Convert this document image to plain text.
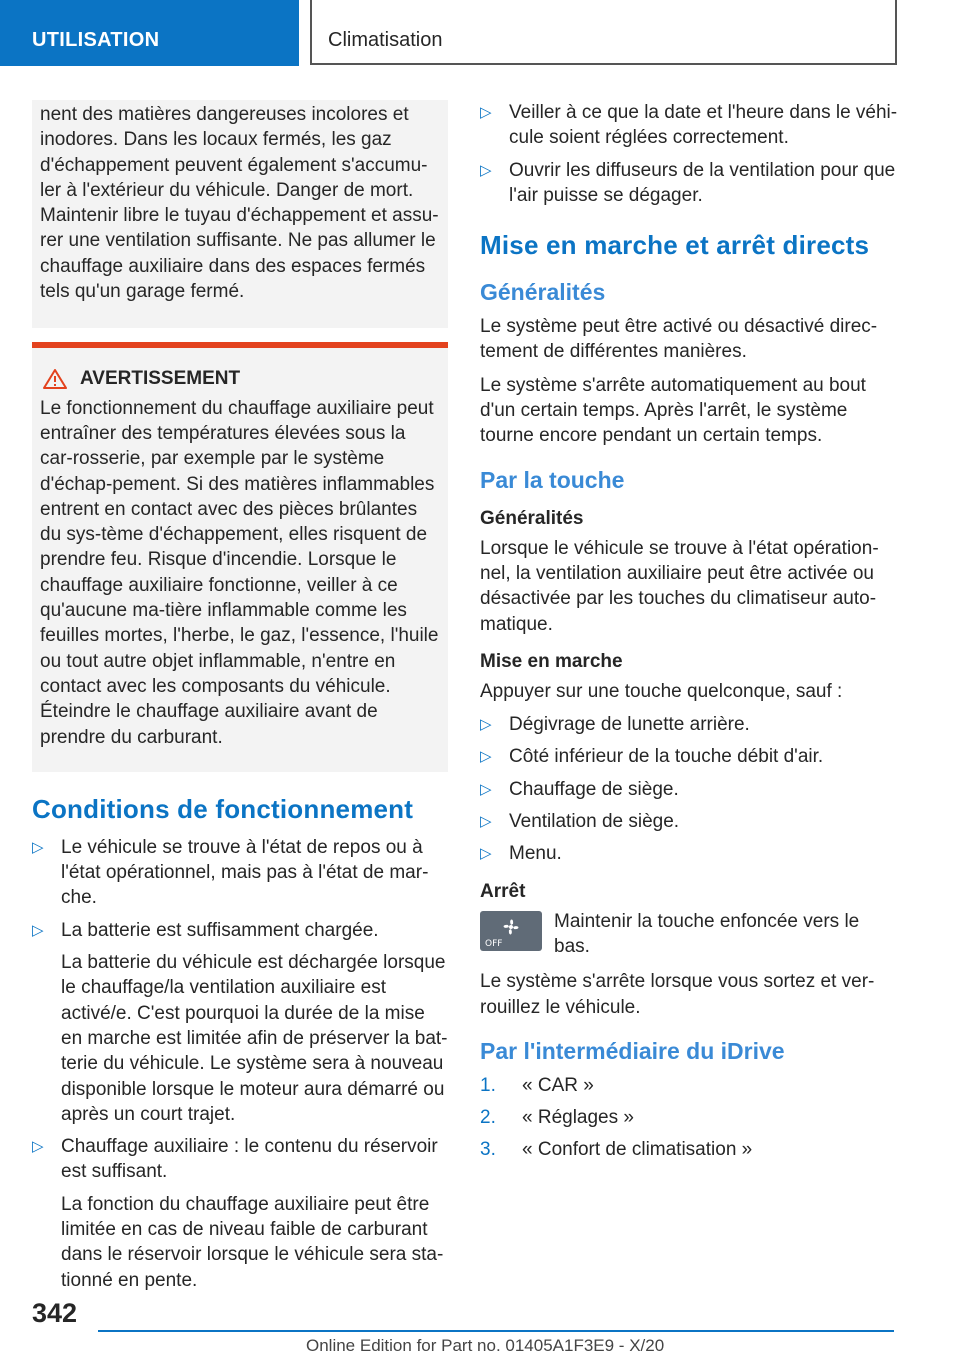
UTILISATION	Climatisation
nent des matières dangereuses incolores et inodores. Dans les locaux fermés, les gaz d'échappement peuvent également s'accumu-ler à l'extérieur du véhicule. Danger de mort. Maintenir libre le tuyau d'échappement et assu-rer une ventilation suffisante. Ne pas allumer le chauffage auxiliaire dans des espaces fermés tels qu'un garage fermé.
AVERTISSEMENT
Le fonctionnement du chauffage auxiliaire peut entraîner des températures élevées sous la car-rosserie, par exemple par le système d'échap-pement. Si des matières inflammables entrent en contact avec des pièces brûlantes du sys-tème d'échappement, elles risquent de prendre feu. Risque d'incendie. Lorsque le chauffage auxiliaire fonctionne, veiller à ce qu'aucune ma-tière inflammable comme les feuilles mortes, l'herbe, le gaz, l'essence, l'huile ou tout autre objet inflammable, n'entre en contact avec les composants du véhicule. Éteindre le chauffage auxiliaire avant de prendre du carburant.
Conditions de fonctionnement
▷ Le véhicule se trouve à l'état de repos ou à l'état opérationnel, mais pas à l'état de mar-che.
▷ La batterie est suffisamment chargée.
La batterie du véhicule est déchargée lorsque le chauffage/la ventilation auxiliaire est activé/e. C'est pourquoi la durée de la mise en marche est limitée afin de préserver la bat-terie du véhicule. Le système sera à nouveau disponible lorsque le moteur aura démarré ou après un court trajet.
▷ Chauffage auxiliaire : le contenu du réservoir est suffisant.
La fonction du chauffage auxiliaire peut être limitée en cas de niveau faible de carburant dans le réservoir lorsque le véhicule sera sta-tionné en pente.
▷ Veiller à ce que la date et l'heure dans le véhi-cule soient réglées correctement.
▷ Ouvrir les diffuseurs de la ventilation pour que l'air puisse se dégager.
Mise en marche et arrêt directs
Généralités

Le système peut être activé ou désactivé direc-tement de différentes manières.

Le système s'arrête automatiquement au bout d'un certain temps. Après l'arrêt, le système tourne encore pendant un certain temps.

Par la touche
Généralités

Lorsque le véhicule se trouve à l'état opération-nel, la ventilation auxiliaire peut être activée ou désactivée par les touches du climatiseur auto-matique.

Mise en marche

Appuyer sur une touche quelconque, sauf :

▷ Dégivrage de lunette arrière.
▷ Côté inférieur de la touche débit d'air.
▷ Chauffage de siège.
▷ Ventilation de siège.
▷ Menu.
Arrêt
OFF
Maintenir la touche enfoncée vers le bas.

Le système s'arrête lorsque vous sortez et ver-rouillez le véhicule.

Par l'intermédiaire du iDrive
1. « CAR »
2. « Réglages »
3. « Confort de climatisation »
342
Online Edition for Part no. 01405A1F3E9 - X/20
